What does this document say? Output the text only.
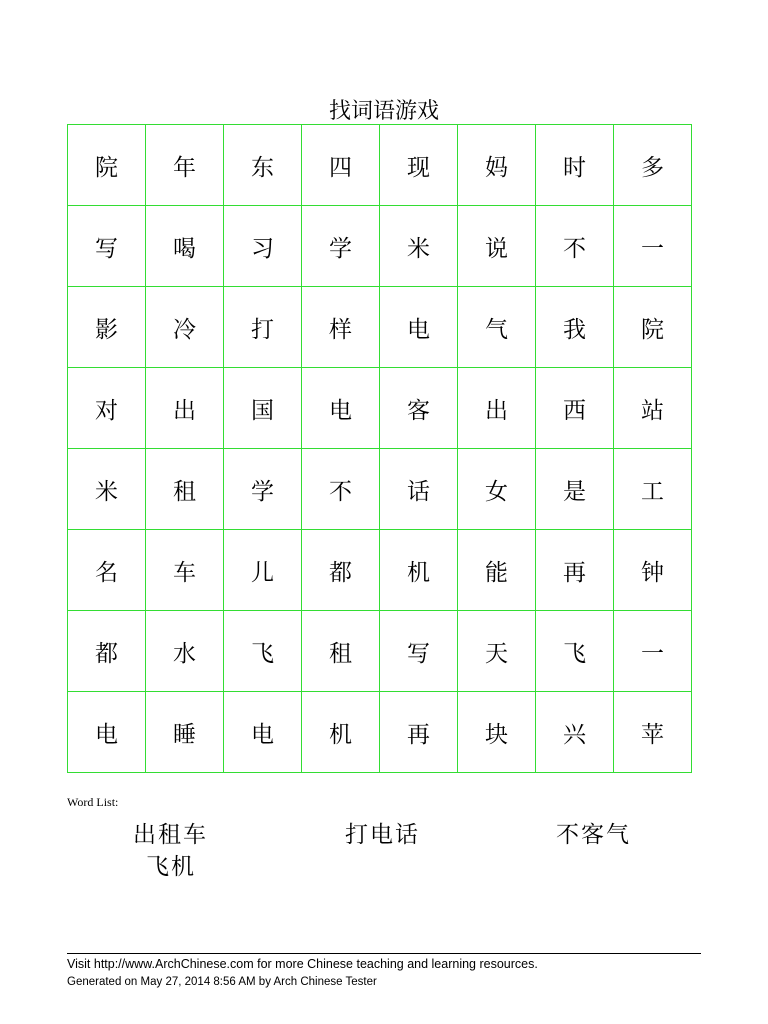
找词语游戏
院	年	东	四	现	妈	时	多
写	喝	习	学	米	说	不	一
影	冷	打	样	电	气	我	院
对	出	国	电	客	出	西	站
米	租	学	不	话	女	是	工
名	车	儿	都	机	能	再	钟
都	水	飞	租	写	天	飞	一
电	睡	电	机	再	块	兴	苹
Word List:
出租车	打电话	不客气
飞机
Visit http://www.ArchChinese.com for more Chinese teaching and learning resources.
Generated on May 27, 2014 8:56 AM by Arch Chinese Tester
